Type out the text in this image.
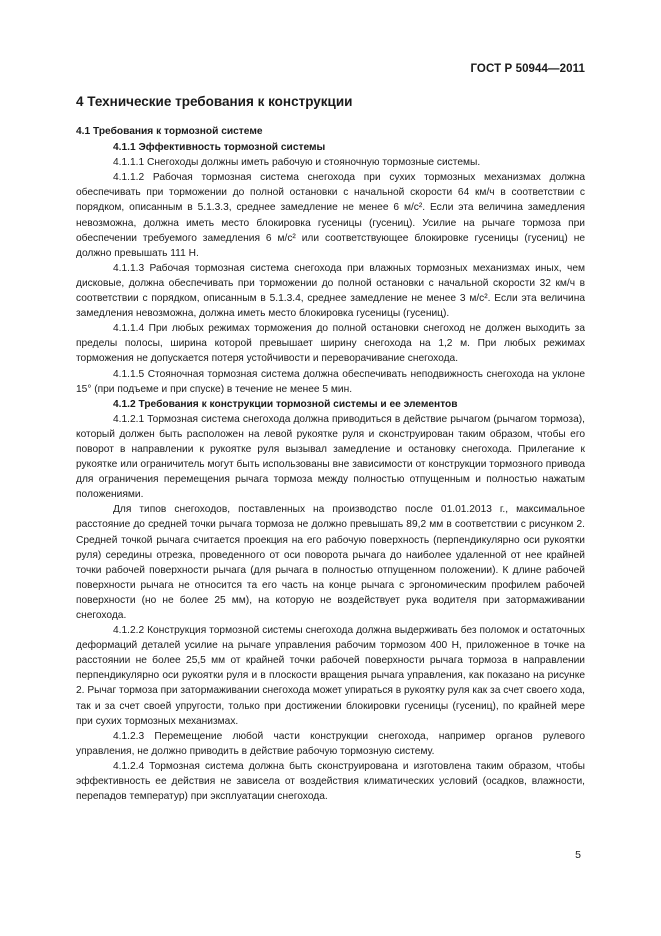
ГОСТ Р 50944—2011
4 Технические требования к конструкции

4.1 Требования к тормозной системе

4.1.1 Эффективность тормозной системы

4.1.1.1 Снегоходы должны иметь рабочую и стояночную тормозные системы.

4.1.1.2 Рабочая тормозная система снегохода при сухих тормозных механизмах должна обеспечивать при торможении до полной остановки с начальной скорости 64 км/ч в соответствии с порядком, описанным в 5.1.3.3, среднее замедление не менее 6 м/с². Если эта величина замедления невозможна, должна иметь место блокировка гусеницы (гусениц). Усилие на рычаге тормоза при обеспечении требуемого замедления 6 м/с² или соответствующее блокировке гусеницы (гусениц) не должно превышать 111 Н.

4.1.1.3 Рабочая тормозная система снегохода при влажных тормозных механизмах иных, чем дисковые, должна обеспечивать при торможении до полной остановки с начальной скорости 32 км/ч в соответствии с порядком, описанным в 5.1.3.4, среднее замедление не менее 3 м/с². Если эта величина замедления невозможна, должна иметь место блокировка гусеницы (гусениц).

4.1.1.4 При любых режимах торможения до полной остановки снегоход не должен выходить за пределы полосы, ширина которой превышает ширину снегохода на 1,2 м. При любых режимах торможения не допускается потеря устойчивости и переворачивание снегохода.

4.1.1.5 Стояночная тормозная система должна обеспечивать неподвижность снегохода на уклоне 15° (при подъеме и при спуске) в течение не менее 5 мин.

4.1.2 Требования к конструкции тормозной системы и ее элементов

4.1.2.1 Тормозная система снегохода должна приводиться в действие рычагом (рычагом тормоза), который должен быть расположен на левой рукоятке руля и сконструирован таким образом, чтобы его поворот в направлении к рукоятке руля вызывал замедление и остановку снегохода. Прилегание к рукоятке или ограничитель могут быть использованы вне зависимости от конструкции тормозного привода для ограничения перемещения рычага тормоза между полностью отпущенным и полностью нажатым положениями.

Для типов снегоходов, поставленных на производство после 01.01.2013 г., максимальное расстояние до средней точки рычага тормоза не должно превышать 89,2 мм в соответствии с рисунком 2. Средней точкой рычага считается проекция на его рабочую поверхность (перпендикулярно оси рукоятки руля) середины отрезка, проведенного от оси поворота рычага до наиболее удаленной от нее крайней точки рабочей поверхности рычага (для рычага в полностью отпущенном положении). К длине рабочей поверхности рычага не относится та его часть на конце рычага с эргономическим профилем рабочей поверхности (но не более 25 мм), на которую не воздействует рука водителя при затормаживании снегохода.

4.1.2.2 Конструкция тормозной системы снегохода должна выдерживать без поломок и остаточных деформаций деталей усилие на рычаге управления рабочим тормозом 400 Н, приложенное в точке на расстоянии не более 25,5 мм от крайней точки рабочей поверхности рычага тормоза в направлении перпендикулярно оси рукоятки руля и в плоскости вращения рычага управления, как показано на рисунке 2. Рычаг тормоза при затормаживании снегохода может упираться в рукоятку руля как за счет своего хода, так и за счет своей упругости, только при достижении блокировки гусеницы (гусениц), по крайней мере при сухих тормозных механизмах.

4.1.2.3 Перемещение любой части конструкции снегохода, например органов рулевого управления, не должно приводить в действие рабочую тормозную систему.

4.1.2.4 Тормозная система должна быть сконструирована и изготовлена таким образом, чтобы эффективность ее действия не зависела от воздействия климатических условий (осадков, влажности, перепадов температур) при эксплуатации снегохода.

5
